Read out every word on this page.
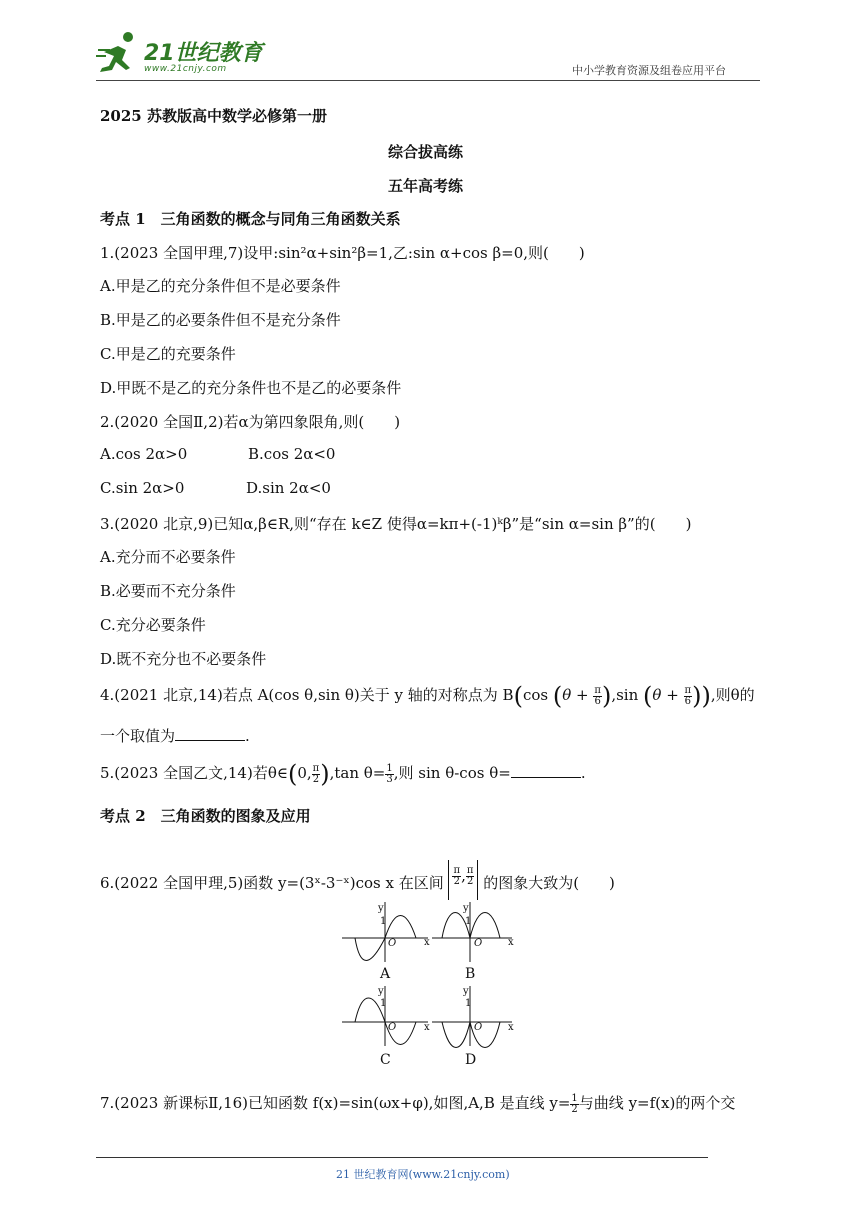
21世纪教育
www.21cnjy.com	中小学教育资源及组卷应用平台
2025 苏教版高中数学必修第一册
综合拔高练
五年高考练
考点 1　三角函数的概念与同角三角函数关系
1.(2023 全国甲理,7)设甲:sin²α+sin²β=1,乙:sin α+cos β=0,则(　　)
A.甲是乙的充分条件但不是必要条件
B.甲是乙的必要条件但不是充分条件
C.甲是乙的充要条件
D.甲既不是乙的充分条件也不是乙的必要条件
2.(2020 全国Ⅱ,2)若α为第四象限角,则(　　)
A.cos 2α>0	B.cos 2α<0
C.sin 2α>0	D.sin 2α<0
3.(2020 北京,9)已知α,β∈R,则“存在 k∈Z 使得α=kπ+(-1)ᵏβ”是“sin α=sin β”的(　　)
A.充分而不必要条件
B.必要而不充分条件
C.充分必要条件
D.既不充分也不必要条件
4.(2021 北京,14)若点 A(cos θ,sin θ)关于 y 轴的对称点为 B(cos $(\theta + \frac{\pi}{6} ),\sin$ ($\theta + \frac{\pi}{6}$ )),则θ的
一个取值为	.
5.(2023 全国乙文,14)若θ∈(0, $\frac{\pi}{2} ),\tan$ $\theta= \frac{1}{3}$ ,则 sin θ-cos θ=	.
考点 2　三角函数的图象及应用
6.(2022 全国甲理,5)函数 y=(3ˣ-3⁻ˣ)cos x 在区间 $\frac{\pi}{2}$ , $\frac{\pi}{2}$ 的图象大致为(　　)
y
x
O
y
x
O
y
x
O
y
x
O
1	1
1	1
A	B
C	D
7.(2023 新课标Ⅱ,16)已知函数 f(x)=sin(ωx+φ),如图,A,B 是直线 $y= \frac{1}{2}$ 与曲线 y=f(x)的两个交
21 世纪教育网(www.21cnjy.com)
